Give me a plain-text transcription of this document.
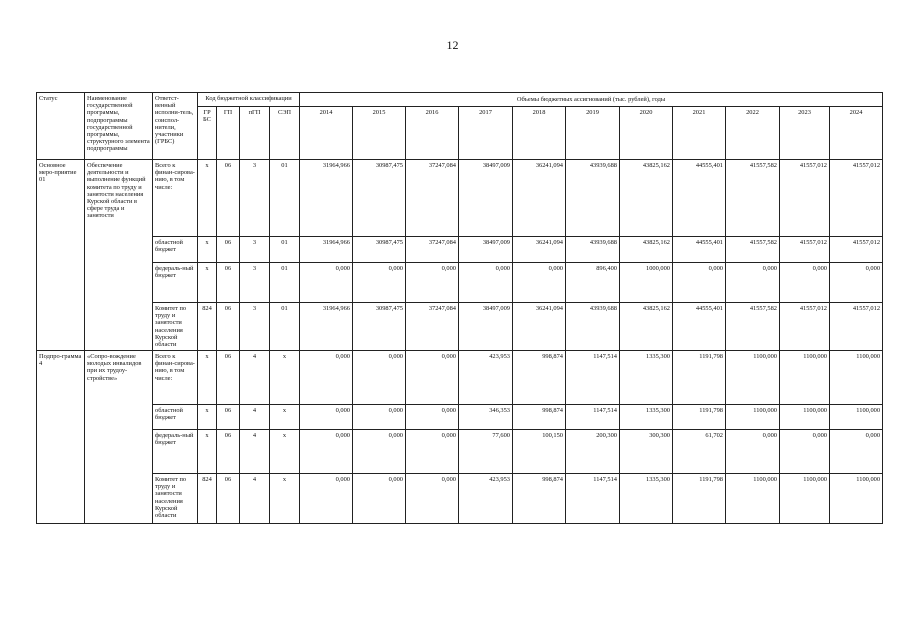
12
Статус	Наименование государственной программы, подпрограммы государственной программы, структурного элемента подпрограммы	Ответст-венный исполни-тель, соиспол-нители, участники (ГРБС)	Код бюджетной классификации				Объемы бюджетных ассигнований (тыс. рублей), годы										
			ГР БС	ГП	пГП	СЭП	2014	2015	2016	2017	2018	2019	2020	2021	2022	2023	2024
Основное меро-приятие 01	Обеспечение деятельности и выполнение функций комитета по труду и занятости населения Курской области в сфере труда и занятости	Всего к финан-сирова-нию, в том числе:	х	06	3	01	31964,966	30987,475	37247,084	38497,009	36241,094	43939,688	43825,162	44555,401	41557,582	41557,012	41557,012
		областной бюджет	х	06	3	01	31964,966	30987,475	37247,084	38497,009	36241,094	43939,688	43825,162	44555,401	41557,582	41557,012	41557,012
		федераль-ный бюджет	х	06	3	01	0,000	0,000	0,000	0,000	0,000	896,400	1000,000	0,000	0,000	0,000	0,000
		Комитет по труду и занятости населения Курской области	824	06	3	01	31964,966	30987,475	37247,084	38497,009	36241,094	43939,688	43825,162	44555,401	41557,582	41557,012	41557,012
Подпро-грамма 4	«Сопро-вождение молодых инвалидов при их трудоу-стройстве»	Всего к финан-сирова-нию, в том числе:	х	06	4	х	0,000	0,000	0,000	423,953	998,874	1147,514	1335,300	1191,798	1100,000	1100,000	1100,000
		областной бюджет	х	06	4	х	0,000	0,000	0,000	346,353	998,874	1147,514	1335,300	1191,798	1100,000	1100,000	1100,000
		федераль-ный бюджет	х	06	4	х	0,000	0,000	0,000	77,600	100,150	200,300	300,300	61,702	0,000	0,000	0,000
		Комитет по труду и занятости населения Курской области	824	06	4	х	0,000	0,000	0,000	423,953	998,874	1147,514	1335,300	1191,798	1100,000	1100,000	1100,000
